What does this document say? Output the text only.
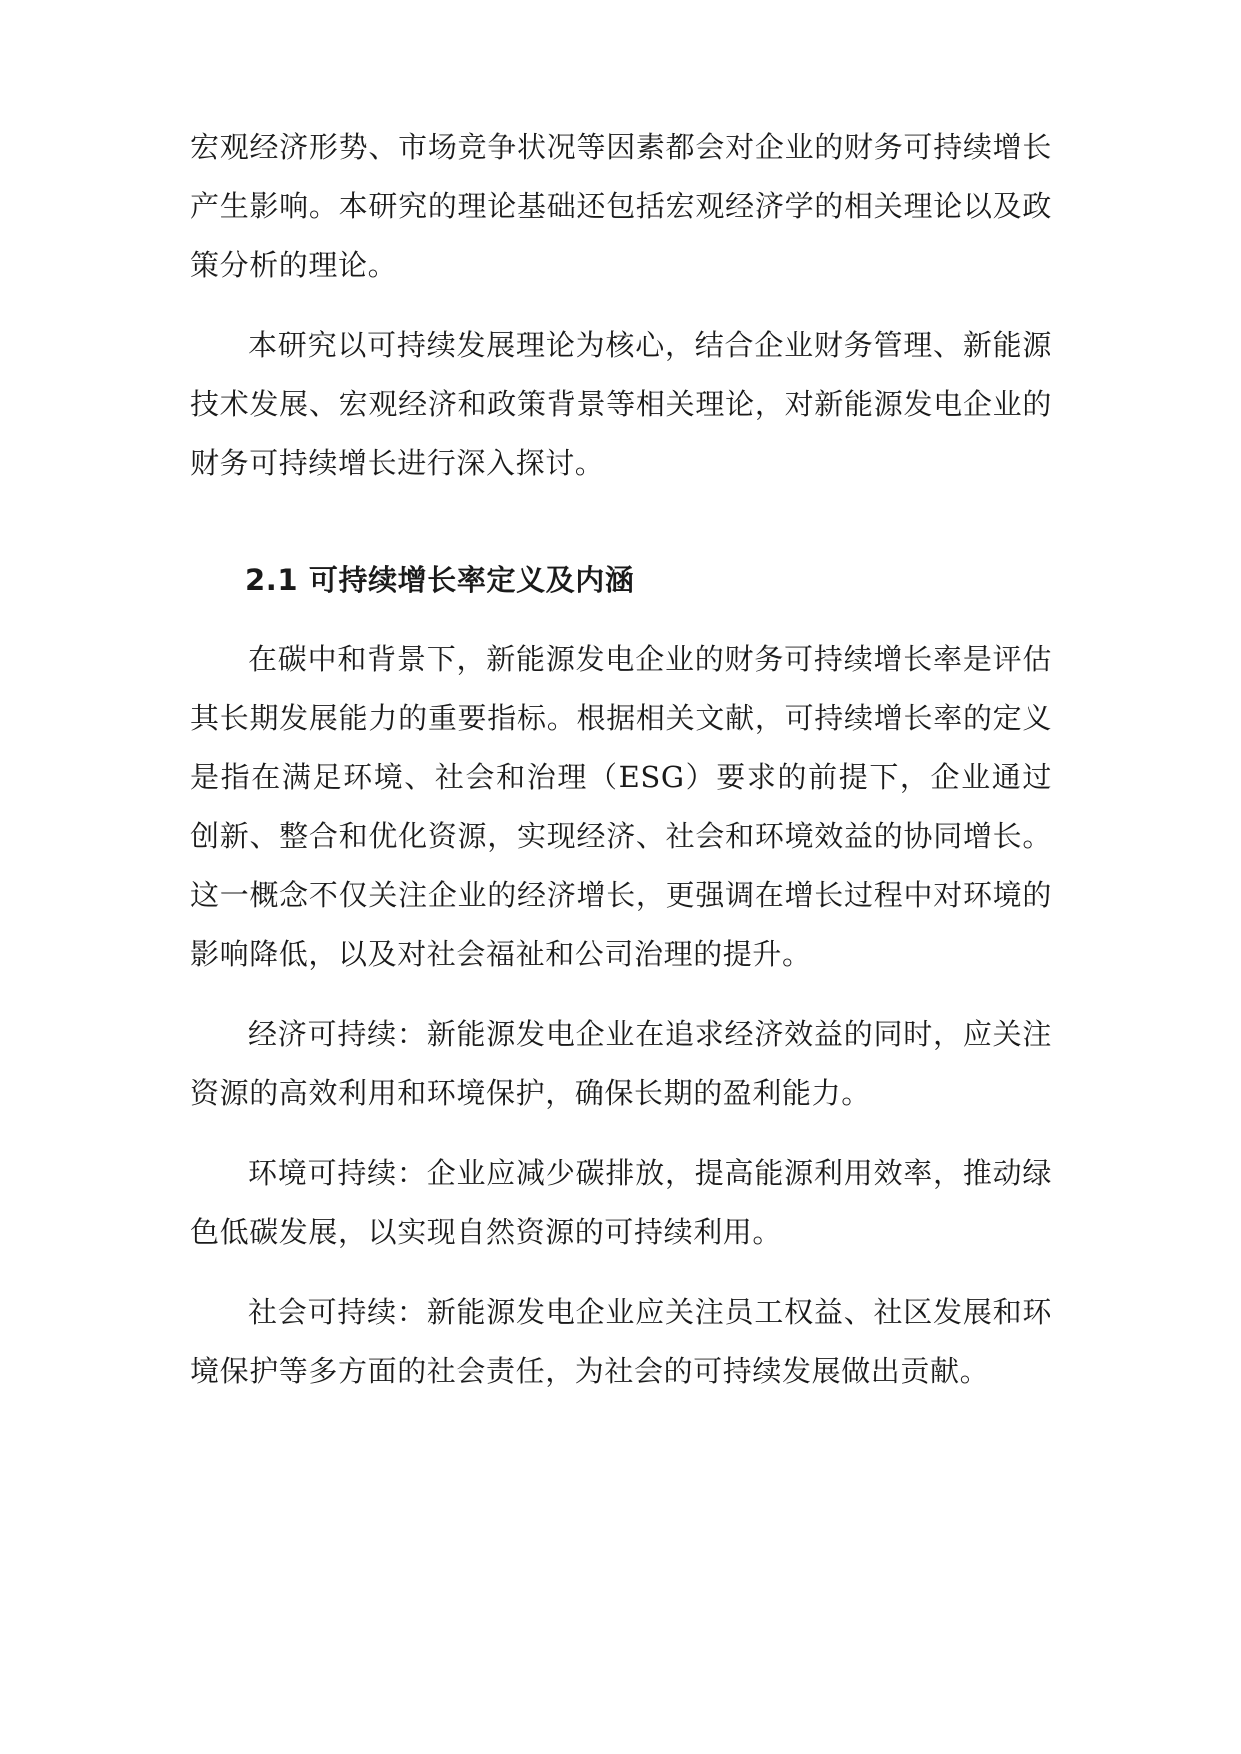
宏观经济形势、市场竞争状况等因素都会对企业的财务可持续增长产生影响。本研究的理论基础还包括宏观经济学的相关理论以及政策分析的理论。

本研究以可持续发展理论为核心，结合企业财务管理、新能源技术发展、宏观经济和政策背景等相关理论，对新能源发电企业的财务可持续增长进行深入探讨。

2.1 可持续增长率定义及内涵

在碳中和背景下，新能源发电企业的财务可持续增长率是评估其长期发展能力的重要指标。根据相关文献，可持续增长率的定义是指在满足环境、社会和治理（ESG）要求的前提下，企业通过创新、整合和优化资源，实现经济、社会和环境效益的协同增长。这一概念不仅关注企业的经济增长，更强调在增长过程中对环境的影响降低，以及对社会福祉和公司治理的提升。

经济可持续：新能源发电企业在追求经济效益的同时，应关注资源的高效利用和环境保护，确保长期的盈利能力。

环境可持续：企业应减少碳排放，提高能源利用效率，推动绿色低碳发展，以实现自然资源的可持续利用。

社会可持续：新能源发电企业应关注员工权益、社区发展和环境保护等多方面的社会责任，为社会的可持续发展做出贡献。
